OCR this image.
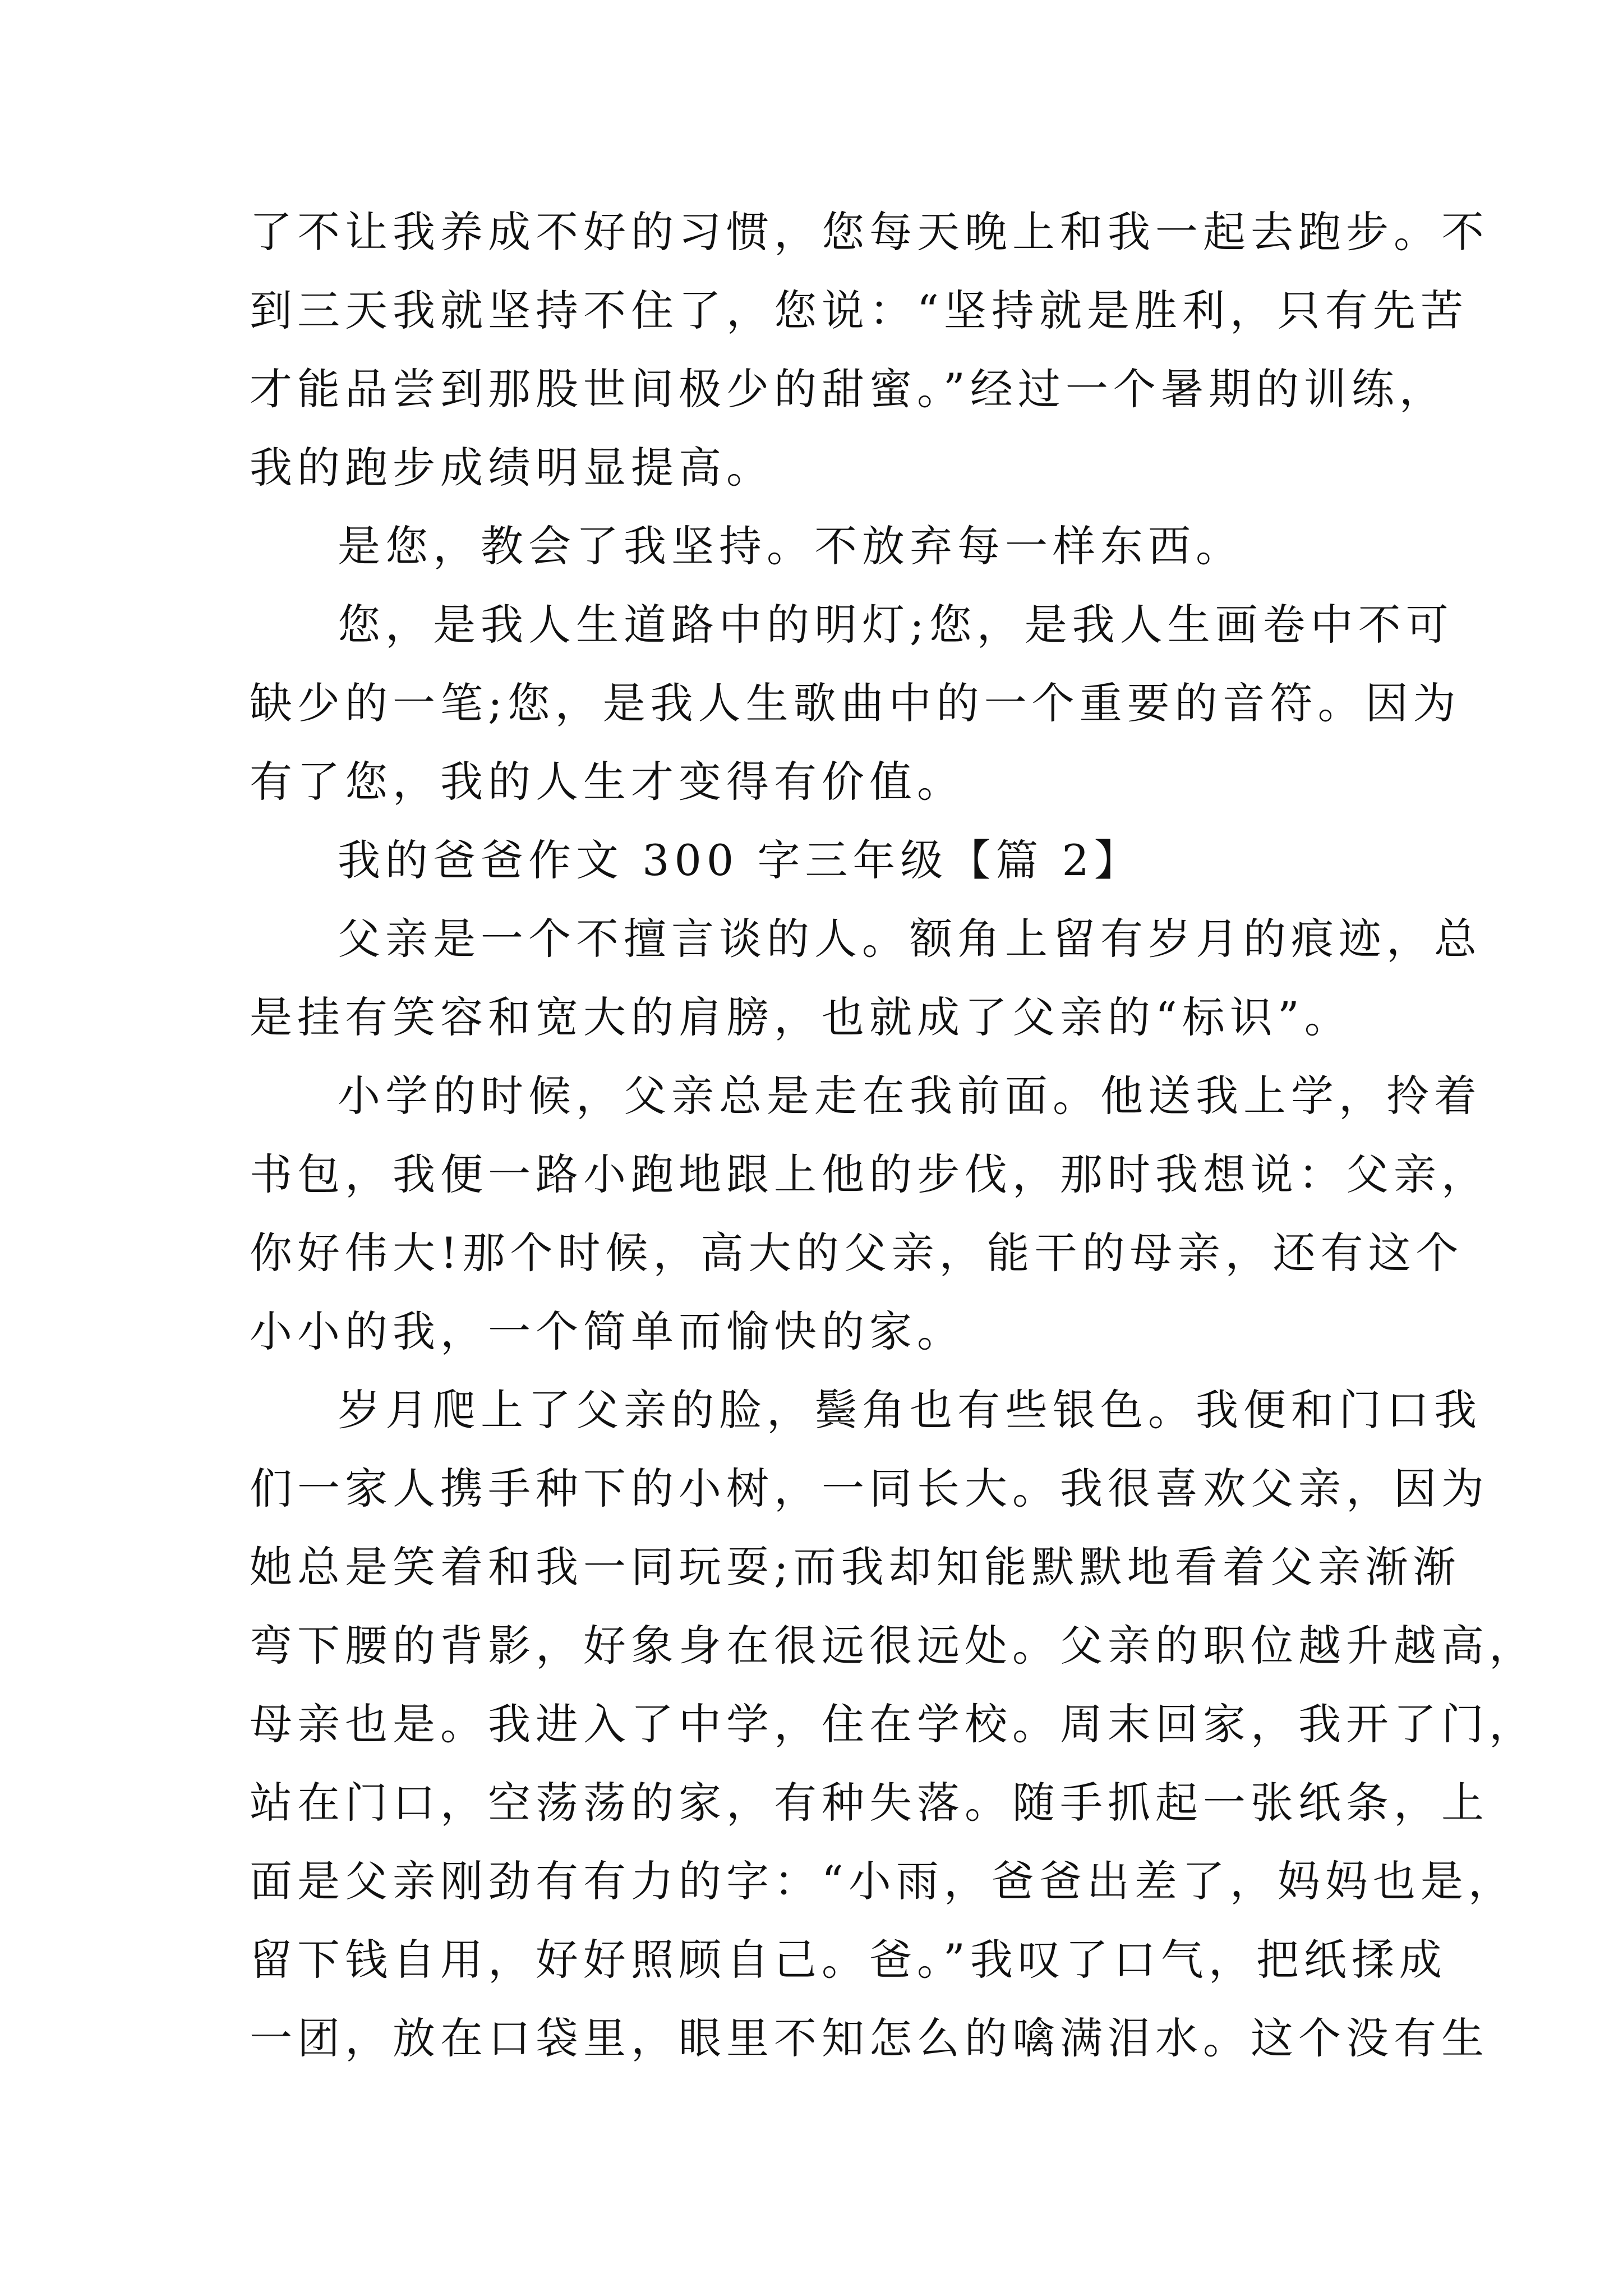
了不让我养成不好的习惯，您每天晚上和我一起去跑步。不
到三天我就坚持不住了，您说：“坚持就是胜利，只有先苦
才能品尝到那股世间极少的甜蜜。”经过一个暑期的训练，
我的跑步成绩明显提高。
是您，教会了我坚持。不放弃每一样东西。
您，是我人生道路中的明灯;您，是我人生画卷中不可
缺少的一笔;您，是我人生歌曲中的一个重要的音符。因为
有了您，我的人生才变得有价值。
我的爸爸作文 300 字三年级【篇 2】
父亲是一个不擅言谈的人。额角上留有岁月的痕迹，总
是挂有笑容和宽大的肩膀，也就成了父亲的“标识”。
小学的时候，父亲总是走在我前面。他送我上学，拎着
书包，我便一路小跑地跟上他的步伐，那时我想说：父亲，
你好伟大!那个时候，高大的父亲，能干的母亲，还有这个
小小的我，一个简单而愉快的家。
岁月爬上了父亲的脸，鬓角也有些银色。我便和门口我
们一家人携手种下的小树，一同长大。我很喜欢父亲，因为
她总是笑着和我一同玩耍;而我却知能默默地看着父亲渐渐
弯下腰的背影，好象身在很远很远处。父亲的职位越升越高，
母亲也是。我进入了中学，住在学校。周末回家，我开了门，
站在门口，空荡荡的家，有种失落。随手抓起一张纸条，上
面是父亲刚劲有有力的字：“小雨，爸爸出差了，妈妈也是，
留下钱自用，好好照顾自己。爸。”我叹了口气，把纸揉成
一团，放在口袋里，眼里不知怎么的噙满泪水。这个没有生
